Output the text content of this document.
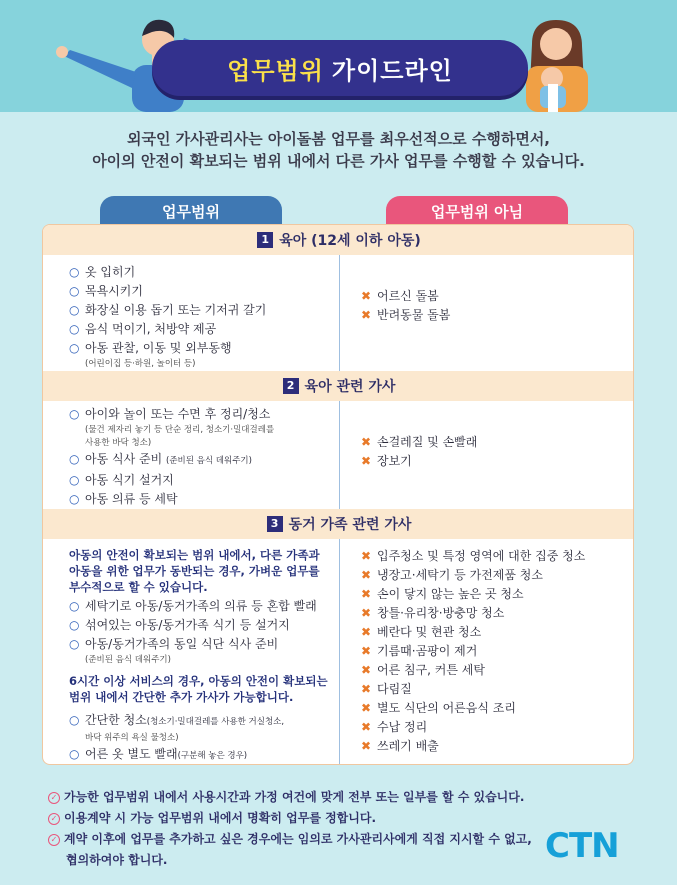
업무범위 가이드라인
외국인 가사관리사는 아이돌봄 업무를 최우선적으로 수행하면서,
아이의 안전이 확보되는 범위 내에서 다른 가사 업무를 수행할 수 있습니다.
업무범위	업무범위 아님
1 육아 (12세 이하 아동)
○ 옷 입히기
○ 목욕시키기
○ 화장실 이용 돕기 또는 기저귀 갈기
○ 음식 먹이기, 처방약 제공
○ 아동 관찰, 이동 및 외부동행
(어린이집 등·하원, 놀이터 등)
✖ 어르신 돌봄
✖ 반려동물 돌봄
2 육아 관련 가사
○ 아이와 놀이 또는 수면 후 정리/청소
(물건 제자리 놓기 등 단순 정리, 청소기·밀대걸레를
사용한 바닥 청소)
○ 아동 식사 준비 (준비된 음식 데워주기)
○ 아동 식기 설거지
○ 아동 의류 등 세탁
✖ 손걸레질 및 손빨래
✖ 장보기
3 동거 가족 관련 가사
아동의 안전이 확보되는 범위 내에서, 다른 가족과
아동을 위한 업무가 동반되는 경우, 가벼운 업무를
부수적으로 할 수 있습니다.
○ 세탁기로 아동/동거가족의 의류 등 혼합 빨래
○ 섞여있는 아동/동거가족 식기 등 설거지
○ 아동/동거가족의 동일 식단 식사 준비
(준비된 음식 데워주기)
6시간 이상 서비스의 경우, 아동의 안전이 확보되는
범위 내에서 간단한 추가 가사가 가능합니다.
○ 간단한 청소(청소기·밀대걸레를 사용한 거실청소,
바닥 위주의 욕실 물청소)
○ 어른 옷 별도 빨래(구분해 놓은 경우)
✖ 입주청소 및 특정 영역에 대한 집중 청소
✖ 냉장고·세탁기 등 가전제품 청소
✖ 손이 닿지 않는 높은 곳 청소
✖ 창틀·유리창·방충망 청소
✖ 베란다 및 현관 청소
✖ 기름때·곰팡이 제거
✖ 어른 침구, 커튼 세탁
✖ 다림질
✖ 별도 식단의 어른음식 조리
✖ 수납 정리
✖ 쓰레기 배출
✓ 가능한 업무범위 내에서 사용시간과 가정 여건에 맞게 전부 또는 일부를 할 수 있습니다.
✓ 이용계약 시 가능 업무범위 내에서 명확히 업무를 정합니다.
✓ 계약 이후에 업무를 추가하고 싶은 경우에는 임의로 가사관리사에게 직접 지시할 수 없고,
협의하여야 합니다.	CTN
